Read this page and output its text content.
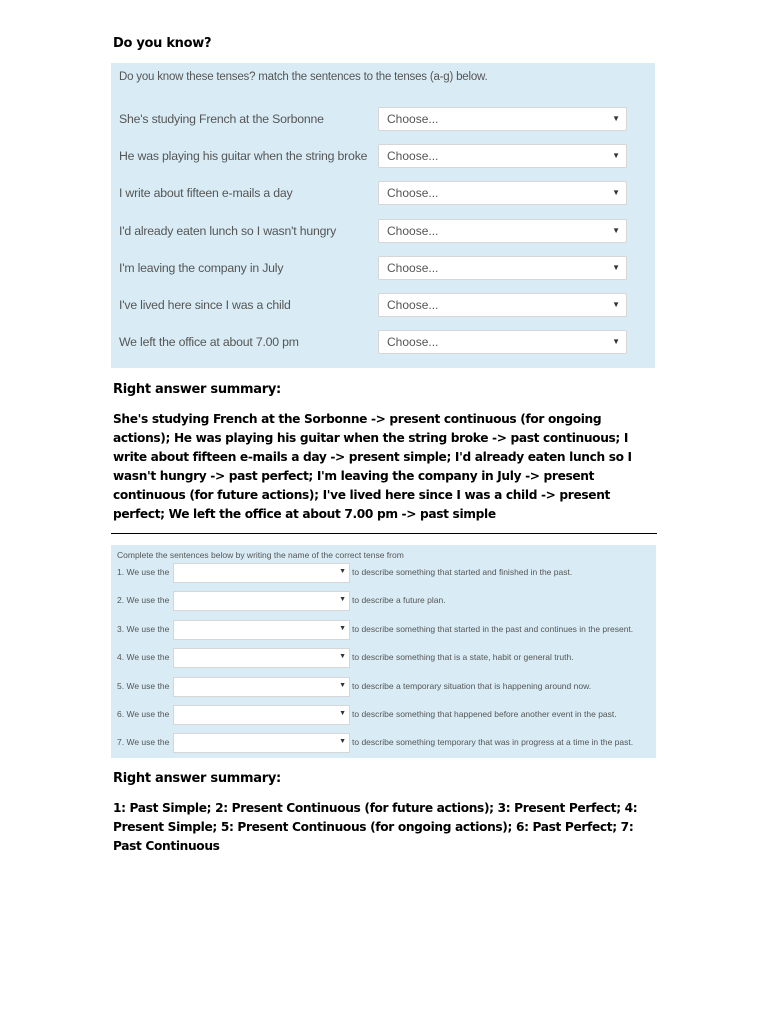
Do you know?
Do you know these tenses? match the sentences to the tenses (a-g) below.
She's studying French at the Sorbonne	Choose...	▼
He was playing his guitar when the string broke Choose...	▼
I write about fifteen e-mails a day	Choose...	▼
I'd already eaten lunch so I wasn't hungry	Choose...	▼
I'm leaving the company in July	Choose...	▼
I've lived here since I was a child	Choose...	▼
We left the office at about 7.00 pm	Choose...	▼
Right answer summary:
She's studying French at the Sorbonne -> present continuous (for ongoing actions); He was playing his guitar when the string broke -> past continuous; I write about fifteen e-mails a day -> present simple; I'd already eaten lunch so I wasn't hungry -> past perfect; I'm leaving the company in July -> present continuous (for future actions); I've lived here since I was a child -> present perfect; We left the office at about 7.00 pm -> past simple
Complete the sentences below by writing the name of the correct tense from
1. We use the	▼ to describe something that started and finished in the past.
2. We use the	▼ to describe a future plan.
3. We use the	▼ to describe something that started in the past and continues in the present.
4. We use the	▼ to describe something that is a state, habit or general truth.
5. We use the	▼ to describe a temporary situation that is happening around now.
6. We use the	▼ to describe something that happened before another event in the past.
7. We use the	▼ to describe something temporary that was in progress at a time in the past.
Right answer summary:
1: Past Simple; 2: Present Continuous (for future actions); 3: Present Perfect; 4: Present Simple; 5: Present Continuous (for ongoing actions); 6: Past Perfect; 7: Past Continuous
